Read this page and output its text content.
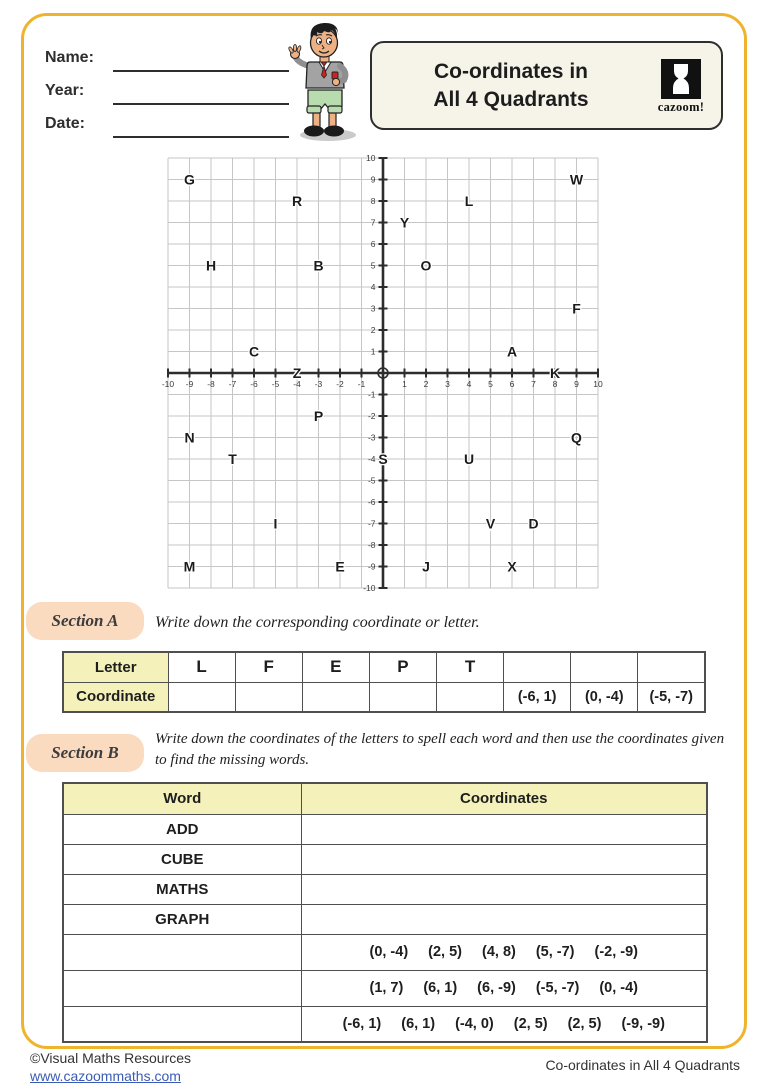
Name:
Year:
Date:
Co-ordinates in
All 4 Quadrants	cazoom!
-10 -9 -8 -7 -6 -5 -4 -3 -2 -1	1 2 3 4 5 6 7 8 9 10
10
9
8
7
6
5
4
3
2
1
-1
-2
-3
-4
-5
-6
-7
-8
-9
-10
A
B
C
D
E
F
G
H
I
J
K
L
M
N
O
P
Q
R
S
T	U
V
W
X
Y
Z
Section A	Write down the corresponding coordinate or letter.
Letter	L	F	E	P	T			
Coordinate						(-6, 1)	(0, -4)	(-5, -7)
Section B
Write down the coordinates of the letters to spell each word and then use the coordinates given to find the missing words.
Word	Coordinates
ADD	
CUBE	
MATHS	
GRAPH	
	(0, -4) (2, 5) (4, 8) (5, -7) (-2, -9)
	(1, 7) (6, 1) (6, -9) (-5, -7) (0, -4)
	(-6, 1) (6, 1) (-4, 0) (2, 5) (2, 5) (-9, -9)
©Visual Maths Resources
www.cazoommaths.com
Co-ordinates in All 4 Quadrants
